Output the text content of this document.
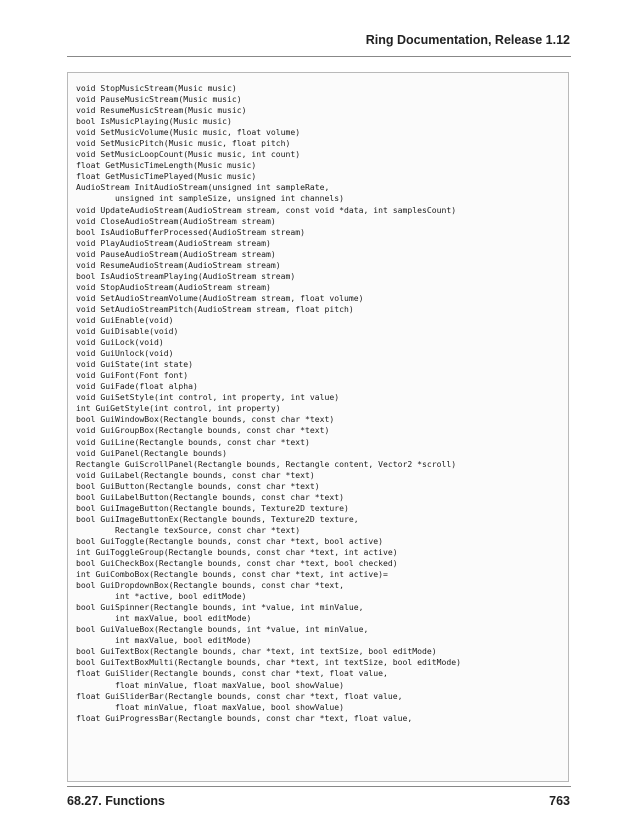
Ring Documentation, Release 1.12
void StopMusicStream(Music music)
void PauseMusicStream(Music music)
void ResumeMusicStream(Music music)
bool IsMusicPlaying(Music music)
void SetMusicVolume(Music music, float volume)
void SetMusicPitch(Music music, float pitch)
void SetMusicLoopCount(Music music, int count)
float GetMusicTimeLength(Music music)
float GetMusicTimePlayed(Music music)
AudioStream InitAudioStream(unsigned int sampleRate,
unsigned int sampleSize, unsigned int channels)
void UpdateAudioStream(AudioStream stream, const void *data, int samplesCount)
void CloseAudioStream(AudioStream stream)
bool IsAudioBufferProcessed(AudioStream stream)
void PlayAudioStream(AudioStream stream)
void PauseAudioStream(AudioStream stream)
void ResumeAudioStream(AudioStream stream)
bool IsAudioStreamPlaying(AudioStream stream)
void StopAudioStream(AudioStream stream)
void SetAudioStreamVolume(AudioStream stream, float volume)
void SetAudioStreamPitch(AudioStream stream, float pitch)
void GuiEnable(void)
void GuiDisable(void)
void GuiLock(void)
void GuiUnlock(void)
void GuiState(int state)
void GuiFont(Font font)
void GuiFade(float alpha)
void GuiSetStyle(int control, int property, int value)
int GuiGetStyle(int control, int property)
bool GuiWindowBox(Rectangle bounds, const char *text)
void GuiGroupBox(Rectangle bounds, const char *text)
void GuiLine(Rectangle bounds, const char *text)
void GuiPanel(Rectangle bounds)
Rectangle GuiScrollPanel(Rectangle bounds, Rectangle content, Vector2 *scroll)
void GuiLabel(Rectangle bounds, const char *text)
bool GuiButton(Rectangle bounds, const char *text)
bool GuiLabelButton(Rectangle bounds, const char *text)
bool GuiImageButton(Rectangle bounds, Texture2D texture)
bool GuiImageButtonEx(Rectangle bounds, Texture2D texture,
Rectangle texSource, const char *text)
bool GuiToggle(Rectangle bounds, const char *text, bool active)
int GuiToggleGroup(Rectangle bounds, const char *text, int active)
bool GuiCheckBox(Rectangle bounds, const char *text, bool checked)
int GuiComboBox(Rectangle bounds, const char *text, int active)=
bool GuiDropdownBox(Rectangle bounds, const char *text,
int *active, bool editMode)
bool GuiSpinner(Rectangle bounds, int *value, int minValue,
int maxValue, bool editMode)
bool GuiValueBox(Rectangle bounds, int *value, int minValue,
int maxValue, bool editMode)
bool GuiTextBox(Rectangle bounds, char *text, int textSize, bool editMode)
bool GuiTextBoxMulti(Rectangle bounds, char *text, int textSize, bool editMode)
float GuiSlider(Rectangle bounds, const char *text, float value,
float minValue, float maxValue, bool showValue)
float GuiSliderBar(Rectangle bounds, const char *text, float value,
float minValue, float maxValue, bool showValue)
float GuiProgressBar(Rectangle bounds, const char *text, float value,
68.27. Functions	763
